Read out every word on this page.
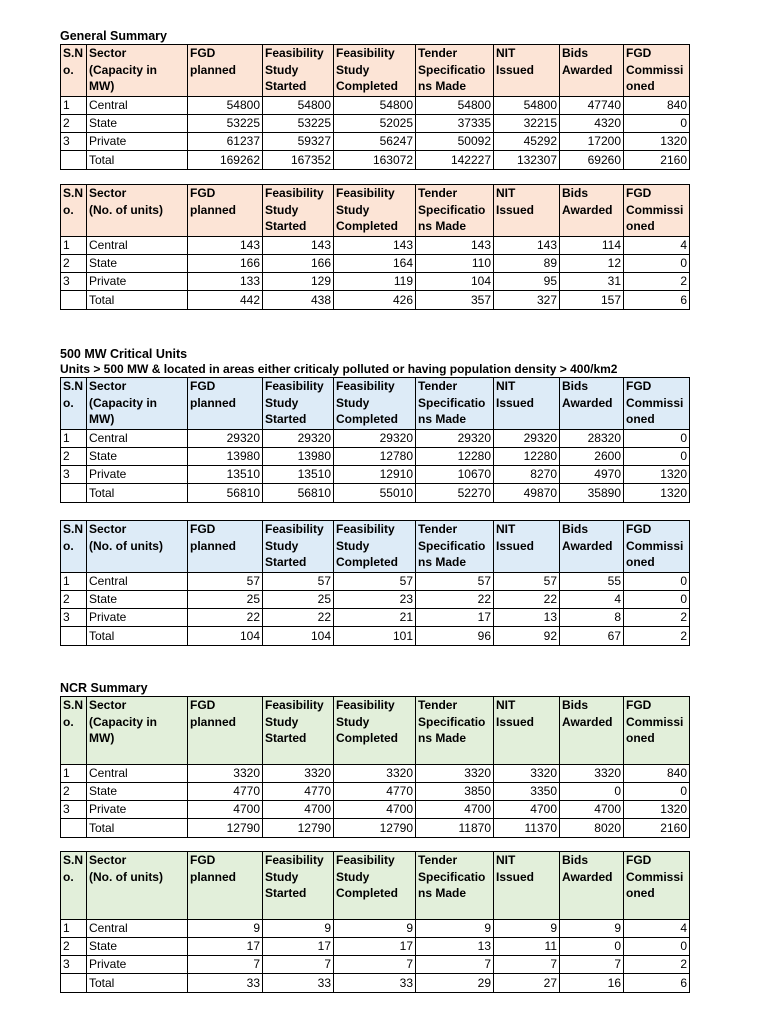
General Summary
S.N
o.	Sector
(Capacity in
MW)	FGD
planned	Feasibility
Study
Started	Feasibility
Study
Completed	Tender
Specificatio
ns Made	NIT
Issued	Bids
Awarded	FGD
Commissi
oned

1	Central	54800	54800	54800	54800	54800	47740	840
2	State	53225	53225	52025	37335	32215	4320	0
3	Private	61237	59327	56247	50092	45292	17200	1320
	Total	169262	167352	163072	142227	132307	69260	2160
S.N
o.	Sector
(No. of units)	FGD
planned	Feasibility
Study
Started	Feasibility
Study
Completed	Tender
Specificatio
ns Made	NIT
Issued	Bids
Awarded	FGD
Commissi
oned

1	Central	143	143	143	143	143	114	4
2	State	166	166	164	110	89	12	0
3	Private	133	129	119	104	95	31	2
	Total	442	438	426	357	327	157	6
500 MW Critical Units
Units > 500 MW & located in areas either criticaly polluted or having population density > 400/km2
S.N
o.	Sector
(Capacity in
MW)	FGD
planned	Feasibility
Study
Started	Feasibility
Study
Completed	Tender
Specificatio
ns Made	NIT
Issued	Bids
Awarded	FGD
Commissi
oned

1	Central	29320	29320	29320	29320	29320	28320	0
2	State	13980	13980	12780	12280	12280	2600	0
3	Private	13510	13510	12910	10670	8270	4970	1320
	Total	56810	56810	55010	52270	49870	35890	1320
S.N
o.	Sector
(No. of units)	FGD
planned	Feasibility
Study
Started	Feasibility
Study
Completed	Tender
Specificatio
ns Made	NIT
Issued	Bids
Awarded	FGD
Commissi
oned

1	Central	57	57	57	57	57	55	0
2	State	25	25	23	22	22	4	0
3	Private	22	22	21	17	13	8	2
	Total	104	104	101	96	92	67	2
NCR Summary
S.N
o.	Sector
(Capacity in
MW)	FGD
planned	Feasibility
Study
Started	Feasibility
Study
Completed	Tender
Specificatio
ns Made	NIT
Issued	Bids
Awarded	FGD
Commissi
oned

1	Central	3320	3320	3320	3320	3320	3320	840
2	State	4770	4770	4770	3850	3350	0	0
3	Private	4700	4700	4700	4700	4700	4700	1320
	Total	12790	12790	12790	11870	11370	8020	2160
S.N
o.	Sector
(No. of units)	FGD
planned	Feasibility
Study
Started	Feasibility
Study
Completed	Tender
Specificatio
ns Made	NIT
Issued	Bids
Awarded	FGD
Commissi
oned

1	Central	9	9	9	9	9	9	4
2	State	17	17	17	13	11	0	0
3	Private	7	7	7	7	7	7	2
	Total	33	33	33	29	27	16	6
